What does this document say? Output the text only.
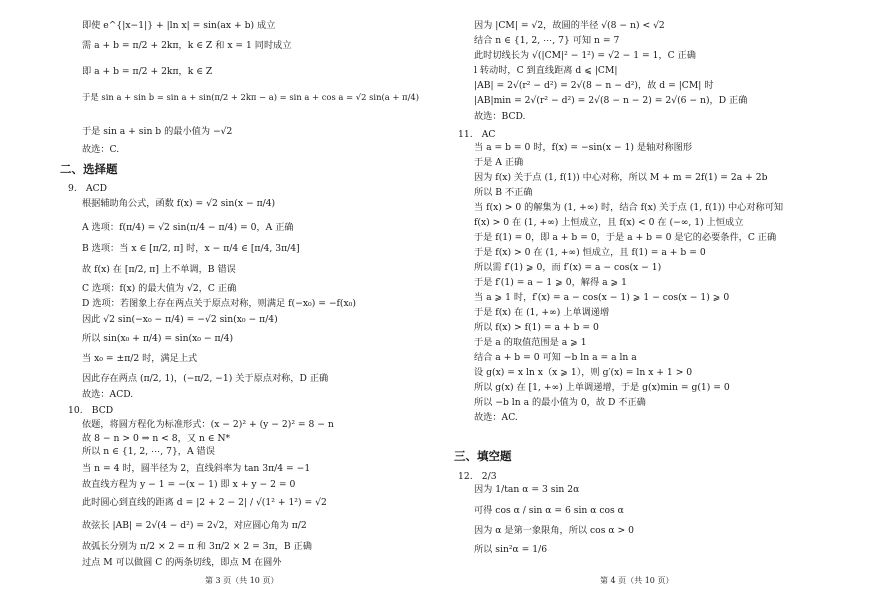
二、选择题
9.　ACD
10.　BCD
第 3 页（共 10 页）
即使 e^{|x−1|} + |ln x| = sin(ax + b) 成立
需 a + b = π/2 + 2kπ，k ∈ Z 和 x = 1 同时成立
即 a + b = π/2 + 2kπ，k ∈ Z
于是 sin a + sin b = sin a + sin(π/2 + 2kπ − a) = sin a + cos a = √2 sin(a + π/4)
于是 sin a + sin b 的最小值为 −√2
故选：C.
根据辅助角公式，函数 f(x) = √2 sin(x − π/4)
A 选项：f(π/4) = √2 sin(π/4 − π/4) = 0，A 正确
B 选项：当 x ∈ [π/2, π] 时，x − π/4 ∈ [π/4, 3π/4]
故 f(x) 在 [π/2, π] 上不单调，B 错误
C 选项：f(x) 的最大值为 √2，C 正确
D 选项：若图象上存在两点关于原点对称，则满足 f(−x₀) = −f(x₀)
因此 √2 sin(−x₀ − π/4) = −√2 sin(x₀ − π/4)
所以 sin(x₀ + π/4) = sin(x₀ − π/4)
当 x₀ = ±π/2 时，满足上式
因此存在两点 (π/2, 1)，(−π/2, −1) 关于原点对称，D 正确
故选：ACD.
依题，将圆方程化为标准形式：(x − 2)² + (y − 2)² = 8 − n
故 8 − n > 0 ⇒ n < 8，又 n ∈ N*
所以 n ∈ {1, 2, ⋯, 7}，A 错误
当 n = 4 时，圆半径为 2，直线斜率为 tan 3π/4 = −1
故直线方程为 y − 1 = −(x − 1) 即 x + y − 2 = 0
此时圆心到直线的距离 d = |2 + 2 − 2| / √(1² + 1²) = √2
故弦长 |AB| = 2√(4 − d²) = 2√2，对应圆心角为 π/2
故弧长分别为 π/2 × 2 = π 和 3π/2 × 2 = 3π，B 正确
过点 M 可以做圆 C 的两条切线，即点 M 在圆外
11.　AC
三、填空题
12.　2/3
第 4 页（共 10 页）
因为 |CM| = √2，故圆的半径 √(8 − n) < √2
结合 n ∈ {1, 2, ⋯, 7} 可知 n = 7
此时切线长为 √(|CM|² − 1²) = √2 − 1 = 1，C 正确
l 转动时，C 到直线距离 d ⩽ |CM|
|AB| = 2√(r² − d²) = 2√(8 − n − d²)，故 d = |CM| 时
|AB|min = 2√(r² − d²) = 2√(8 − n − 2) = 2√(6 − n)，D 正确
故选：BCD.
当 a = b = 0 时，f(x) = −sin(x − 1) 是轴对称图形
于是 A 正确
因为 f(x) 关于点 (1, f(1)) 中心对称，所以 M + m = 2f(1) = 2a + 2b
所以 B 不正确
当 f(x) > 0 的解集为 (1, +∞) 时，结合 f(x) 关于点 (1, f(1)) 中心对称可知
f(x) > 0 在 (1, +∞) 上恒成立，且 f(x) < 0 在 (−∞, 1) 上恒成立
于是 f(1) = 0，即 a + b = 0，于是 a + b = 0 是它的必要条件，C 正确
于是 f(x) > 0 在 (1, +∞) 恒成立，且 f(1) = a + b = 0
所以需 f′(1) ⩾ 0，而 f′(x) = a − cos(x − 1)
于是 f′(1) = a − 1 ⩾ 0，解得 a ⩾ 1
当 a ⩾ 1 时，f′(x) = a − cos(x − 1) ⩾ 1 − cos(x − 1) ⩾ 0
于是 f(x) 在 (1, +∞) 上单调递增
所以 f(x) > f(1) = a + b = 0
于是 a 的取值范围是 a ⩾ 1
结合 a + b = 0 可知 −b ln a = a ln a
设 g(x) = x ln x（x ⩾ 1），则 g′(x) = ln x + 1 > 0
所以 g(x) 在 [1, +∞) 上单调递增，于是 g(x)min = g(1) = 0
所以 −b ln a 的最小值为 0，故 D 不正确
故选：AC.
因为 1/tan α = 3 sin 2α
可得 cos α / sin α = 6 sin α cos α
因为 α 是第一象限角，所以 cos α > 0
所以 sin²α = 1/6
